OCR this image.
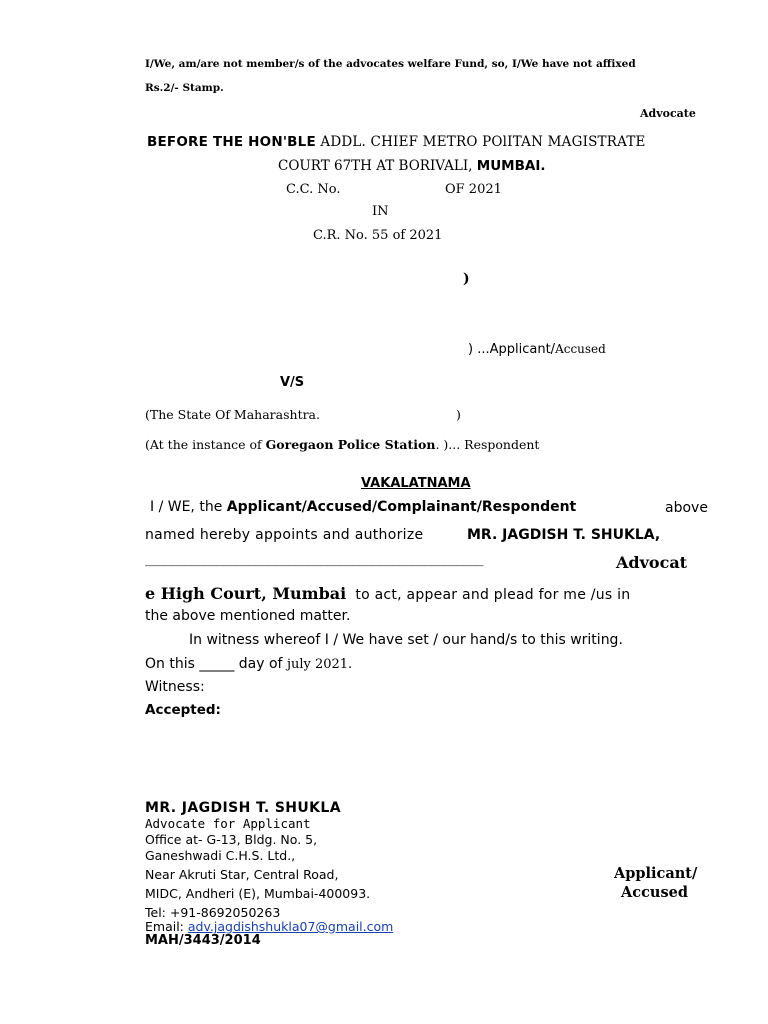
I/We, am/are not member/s of the advocates welfare Fund, so, I/We have not affixed
Rs.2/- Stamp.
Advocate
BEFORE THE HON'BLE ADDL. CHIEF METRO POlITAN MAGISTRATE
COURT 67TH AT BORIVALI, MUMBAI.
C.C. No.	OF 2021
IN
C.R. No. 55 of 2021
)
) ...Applicant/Accused
V/S
(The State Of Maharashtra.	)
(At the instance of Goregaon Police Station. )... Respondent
VAKALATNAMA
I / WE, the Applicant/Accused/Complainant/Respondent	above
named hereby appoints and authorize	MR. JAGDISH T. SHUKLA,
____________________________________________________	Advocat
e High Court, Mumbai to act, appear and plead for me /us in
the above mentioned matter.
In witness whereof I / We have set / our hand/s to this writing.
On this _____ day of july 2021.
Witness:
Accepted:
MR. JAGDISH T. SHUKLA
Advocate for Applicant
Office at- G-13, Bldg. No. 5,
Ganeshwadi C.H.S. Ltd.,
Near Akruti Star, Central Road,
MIDC, Andheri (E), Mumbai-400093.
Tel: +91-8692050263
Email: adv.jagdishshukla07@gmail.com
MAH/3443/2014
Applicant/
Accused
